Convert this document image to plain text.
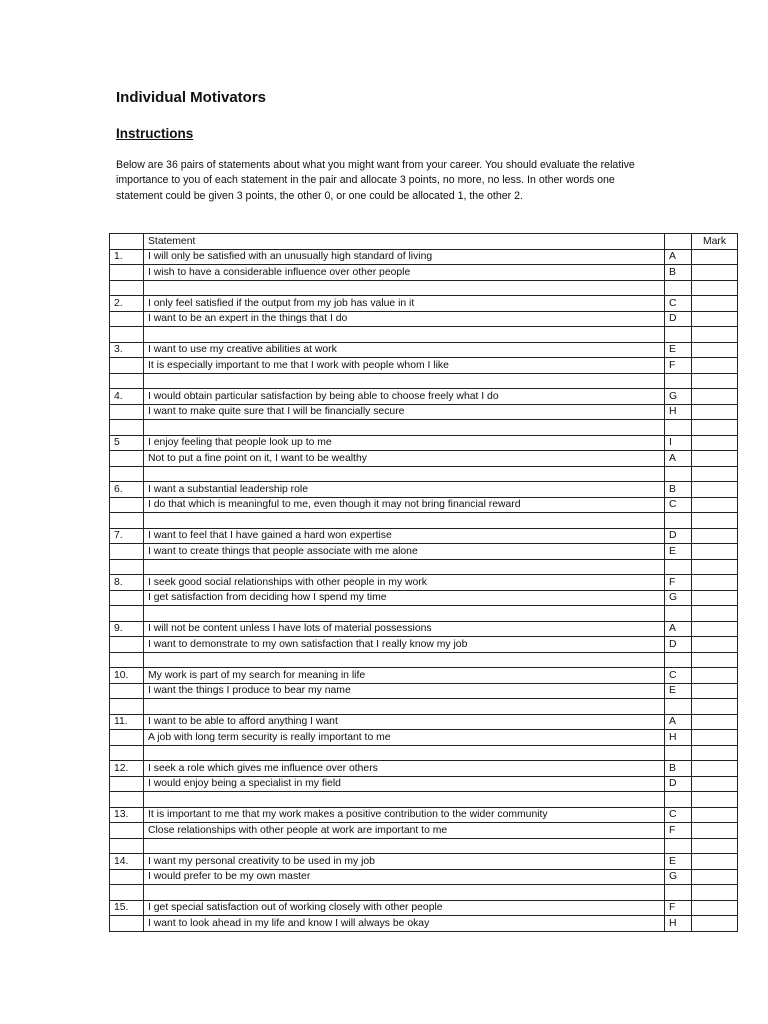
Individual Motivators
Instructions

Below are 36 pairs of statements about what you might want from your career. You should evaluate the relative importance to you of each statement in the pair and allocate 3 points, no more, no less. In other words one statement could be given 3 points, the other 0, or one could be allocated 1, the other 2.

	Statement		Mark
1.	I will only be satisfied with an unusually high standard of living	A	
	I wish to have a considerable influence over other people	B	

2.	I only feel satisfied if the output from my job has value in it	C	
	I want to be an expert in the things that I do	D	

3.	I want to use my creative abilities at work	E	
	It is especially important to me that I work with people whom I like	F	

4.	I would obtain particular satisfaction by being able to choose freely what I do	G	
	I want to make quite sure that I will be financially secure	H	

5	I enjoy feeling that people look up to me	I	
	Not to put a fine point on it, I want to be wealthy	A	

6.	I want a substantial leadership role	B	
	I do that which is meaningful to me, even though it may not bring financial reward	C	

7.	I want to feel that I have gained a hard won expertise	D	
	I want to create things that people associate with me alone	E	

8.	I seek good social relationships with other people in my work	F	
	I get satisfaction from deciding how I spend my time	G	

9.	I will not be content unless I have lots of material possessions	A	
	I want to demonstrate to my own satisfaction that I really know my job	D	

10.	My work is part of my search for meaning in life	C	
	I want the things I produce to bear my name	E	

11.	I want to be able to afford anything I want	A	
	A job with long term security is really important to me	H	

12.	I seek a role which gives me influence over others	B	
	I would enjoy being a specialist in my field	D	

13.	It is important to me that my work makes a positive contribution to the wider community	C	
	Close relationships with other people at work are important to me	F	

14.	I want my personal creativity to be used in my job	E	
	I would prefer to be my own master	G	

15.	I get special satisfaction out of working closely with other people	F	
	I want to look ahead in my life and know I will always be okay	H	
